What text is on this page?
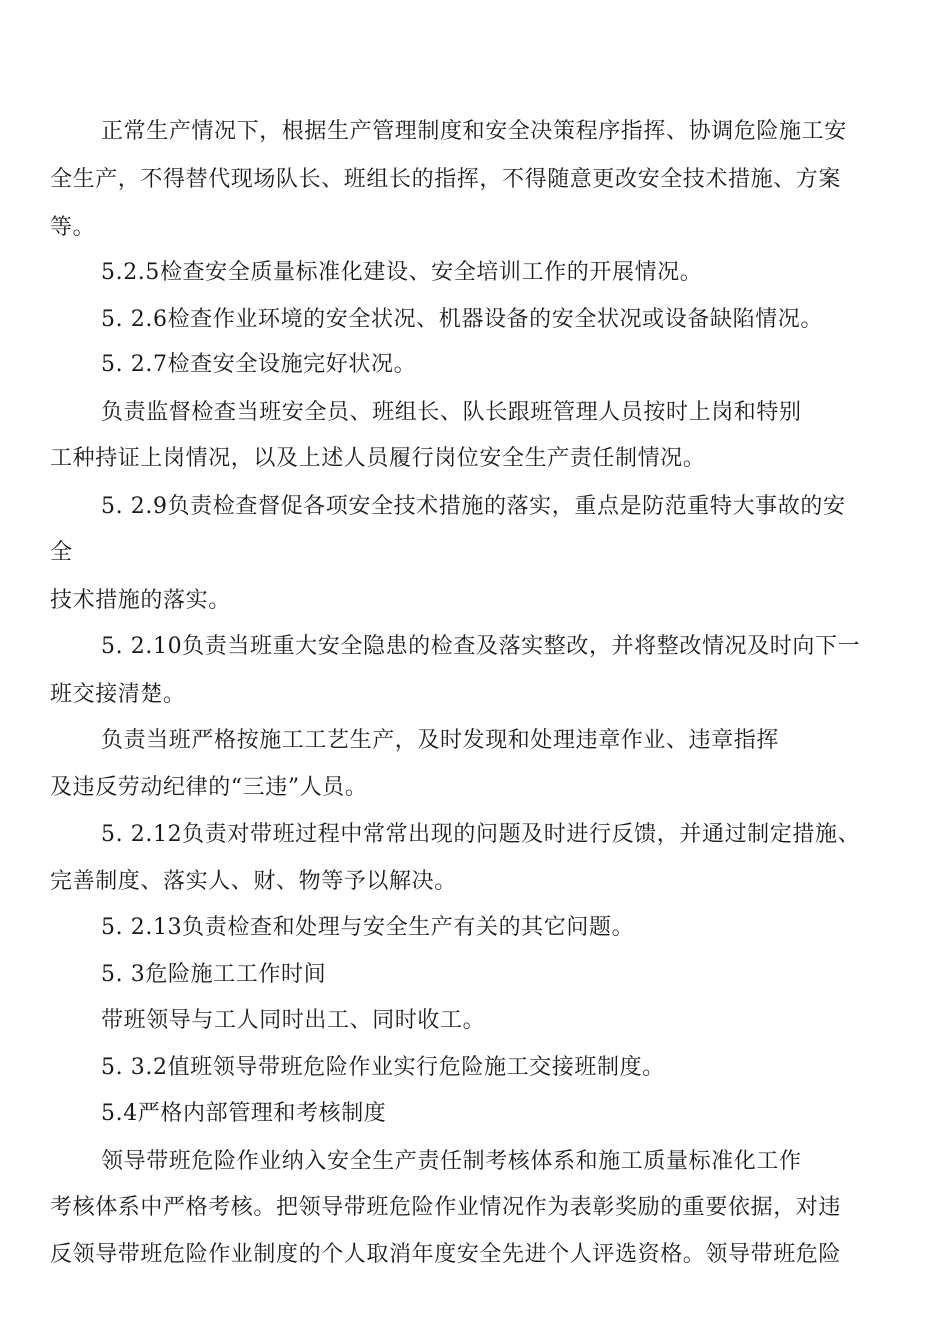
正常生产情况下，根据生产管理制度和安全决策程序指挥、协调危险施工安
全生产，不得替代现场队长、班组长的指挥，不得随意更改安全技术措施、方案
等。
5.2.5检查安全质量标准化建设、安全培训工作的开展情况。
5. 2.6检查作业环境的安全状况、机器设备的安全状况或设备缺陷情况。
5. 2.7检查安全设施完好状况。
负责监督检查当班安全员、班组长、队长跟班管理人员按时上岗和特别
工种持证上岗情况，以及上述人员履行岗位安全生产责任制情况。
5. 2.9负责检查督促各项安全技术措施的落实，重点是防范重特大事故的安
全
技术措施的落实。
5. 2.10负责当班重大安全隐患的检查及落实整改，并将整改情况及时向下一
班交接清楚。
负责当班严格按施工工艺生产，及时发现和处理违章作业、违章指挥
及违反劳动纪律的“三违”人员。
5. 2.12负责对带班过程中常常出现的问题及时进行反馈，并通过制定措施、
完善制度、落实人、财、物等予以解决。
5. 2.13负责检查和处理与安全生产有关的其它问题。
5. 3危险施工工作时间
带班领导与工人同时出工、同时收工。
5. 3.2值班领导带班危险作业实行危险施工交接班制度。
5.4严格内部管理和考核制度
领导带班危险作业纳入安全生产责任制考核体系和施工质量标准化工作
考核体系中严格考核。把领导带班危险作业情况作为表彰奖励的重要依据，对违
反领导带班危险作业制度的个人取消年度安全先进个人评选资格。领导带班危险
